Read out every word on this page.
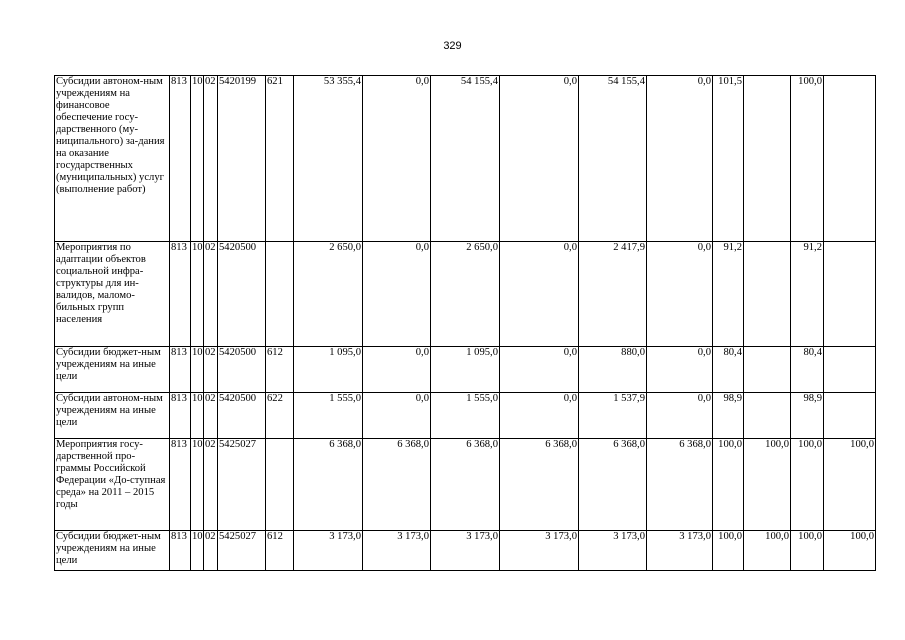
329
Субсидии автоном-ным учреждениям на финансовое обеспечение госу-дарственного (му-ниципального) за-дания на оказание государственных (муниципальных) услуг (выполнение работ)	813	10	02	5420199	621	53 355,4	0,0	54 155,4	0,0	54 155,4	0,0	101,5		100,0	
Мероприятия по адаптации объектов социальной инфра-структуры для ин-валидов, маломо-бильных групп населения	813	10	02	5420500		2 650,0	0,0	2 650,0	0,0	2 417,9	0,0	91,2		91,2	
Субсидии бюджет-ным учреждениям на иные цели	813	10	02	5420500	612	1 095,0	0,0	1 095,0	0,0	880,0	0,0	80,4		80,4	
Субсидии автоном-ным учреждениям на иные цели	813	10	02	5420500	622	1 555,0	0,0	1 555,0	0,0	1 537,9	0,0	98,9		98,9	
Мероприятия госу-дарственной про-граммы Российской Федерации «До-ступная среда» на 2011 – 2015 годы	813	10	02	5425027		6 368,0	6 368,0	6 368,0	6 368,0	6 368,0	6 368,0	100,0	100,0	100,0	100,0
Субсидии бюджет-ным учреждениям на иные цели	813	10	02	5425027	612	3 173,0	3 173,0	3 173,0	3 173,0	3 173,0	3 173,0	100,0	100,0	100,0	100,0
